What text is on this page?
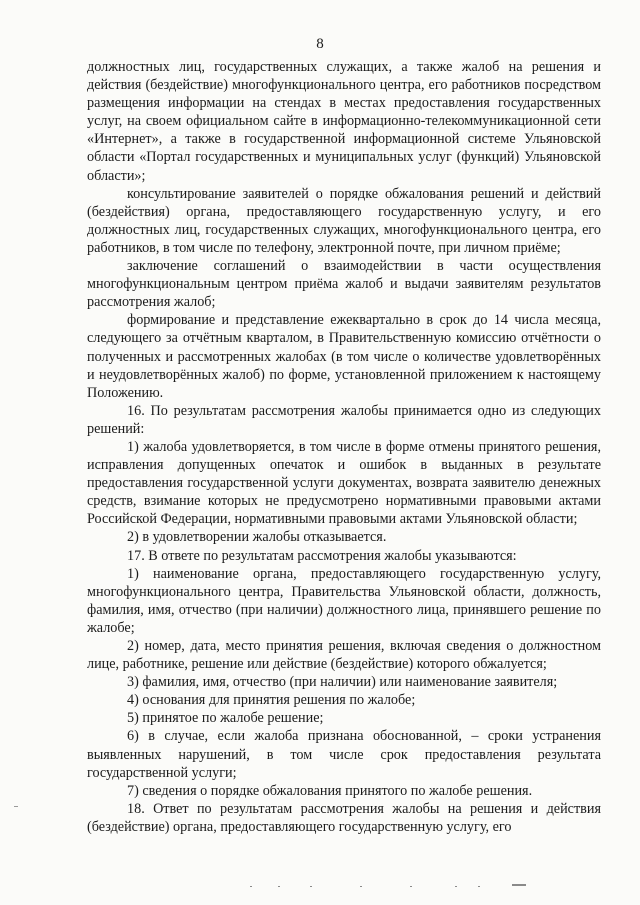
8

должностных лиц, государственных служащих, а также жалоб на решения и действия (бездействие) многофункционального центра, его работников посредством размещения информации на стендах в местах предоставления государственных услуг, на своем официальном сайте в информационно-телекоммуникационной сети «Интернет», а также в государственной информационной системе Ульяновской области «Портал государственных и муниципальных услуг (функций) Ульяновской области»;

консультирование заявителей о порядке обжалования решений и действий (бездействия) органа, предоставляющего государственную услугу, и его должностных лиц, государственных служащих, многофункционального центра, его работников, в том числе по телефону, электронной почте, при личном приёме;

заключение соглашений о взаимодействии в части осуществления многофункциональным центром приёма жалоб и выдачи заявителям результатов рассмотрения жалоб;

формирование и представление ежеквартально в срок до 14 числа месяца, следующего за отчётным кварталом, в Правительственную комиссию отчётности о полученных и рассмотренных жалобах (в том числе о количестве удовлетворённых и неудовлетворённых жалоб) по форме, установленной приложением к настоящему Положению.

16. По результатам рассмотрения жалобы принимается одно из следующих решений:

1) жалоба удовлетворяется, в том числе в форме отмены принятого решения, исправления допущенных опечаток и ошибок в выданных в результате предоставления государственной услуги документах, возврата заявителю денежных средств, взимание которых не предусмотрено нормативными правовыми актами Российской Федерации, нормативными правовыми актами Ульяновской области;

2) в удовлетворении жалобы отказывается.

17. В ответе по результатам рассмотрения жалобы указываются:

1) наименование органа, предоставляющего государственную услугу, многофункционального центра, Правительства Ульяновской области, должность, фамилия, имя, отчество (при наличии) должностного лица, принявшего решение по жалобе;

2) номер, дата, место принятия решения, включая сведения о должностном лице, работнике, решение или действие (бездействие) которого обжалуется;

3) фамилия, имя, отчество (при наличии) или наименование заявителя;

4) основания для принятия решения по жалобе;

5) принятое по жалобе решение;

6) в случае, если жалоба признана обоснованной, – сроки устранения выявленных нарушений, в том числе срок предоставления результата государственной услуги;

7) сведения о порядке обжалования принятого по жалобе решения.

18. Ответ по результатам рассмотрения жалобы на решения и действия (бездействие) органа, предоставляющего государственную услугу, его
